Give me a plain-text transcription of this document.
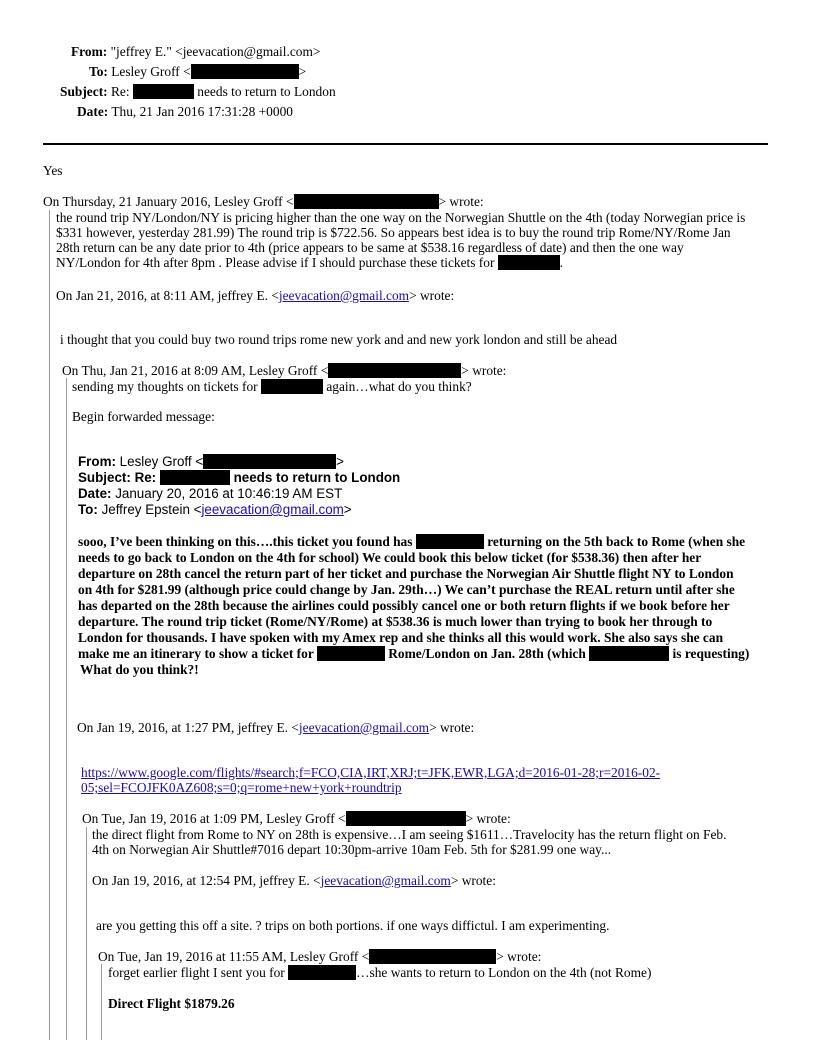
From: "jeffrey E." <jeevacation@gmail.com>
To: Lesley Groff <	>
Subject: Re:	needs to return to London
Date: Thu, 21 Jan 2016 17:31:28 +0000
Yes
On Thursday, 21 January 2016, Lesley Groff <	> wrote:
the round trip NY/London/NY is pricing higher than the one way on the Norwegian Shuttle on the 4th (today Norwegian price is
$331 however, yesterday 281.99) The round trip is $722.56. So appears best idea is to buy the round trip Rome/NY/Rome Jan
28th return can be any date prior to 4th (price appears to be same at $538.16 regardless of date) and then the one way
NY/London for 4th after 8pm . Please advise if I should purchase these tickets for	.
On Jan 21, 2016, at 8:11 AM, jeffrey E. <jeevacation@gmail.com> wrote:
i thought that you could buy two round trips rome new york and and new york london and still be ahead
On Thu, Jan 21, 2016 at 8:09 AM, Lesley Groff <	> wrote:
sending my thoughts on tickets for	again…what do you think?
Begin forwarded message:
From: Lesley Groff <	>
Subject: Re:	needs to return to London
Date: January 20, 2016 at 10:46:19 AM EST
To: Jeffrey Epstein <jeevacation@gmail.com>
sooo, I’ve been thinking on this….this ticket you found has	returning on the 5th back to Rome (when she
needs to go back to London on the 4th for school) We could book this below ticket (for $538.36) then after her
departure on 28th cancel the return part of her ticket and purchase the Norwegian Air Shuttle flight NY to London
on 4th for $281.99 (although price could change by Jan. 29th…) We can’t purchase the REAL return until after she
has departed on the 28th because the airlines could possibly cancel one or both return flights if we book before her
departure. The round trip ticket (Rome/NY/Rome) at $538.36 is much lower than trying to book her through to
London for thousands. I have spoken with my Amex rep and she thinks all this would work. She also says she can
make me an itinerary to show a ticket for	Rome/London on Jan. 28th (which	is requesting)
What do you think?!
On Jan 19, 2016, at 1:27 PM, jeffrey E. <jeevacation@gmail.com> wrote:
https://www.google.com/flights/#search;f=FCO,CIA,IRT,XRJ;t=JFK,EWR,LGA;d=2016-01-28;r=2016-02-
05;sel=FCOJFK0AZ608;s=0;q=rome+new+york+roundtrip
On Tue, Jan 19, 2016 at 1:09 PM, Lesley Groff <	> wrote:
the direct flight from Rome to NY on 28th is expensive…I am seeing $1611…Travelocity has the return flight on Feb.
4th on Norwegian Air Shuttle#7016 depart 10:30pm-arrive 10am Feb. 5th for $281.99 one way...
On Jan 19, 2016, at 12:54 PM, jeffrey E. <jeevacation@gmail.com> wrote:
are you getting this off a site. ? trips on both portions. if one ways diffictul. I am experimenting.
On Tue, Jan 19, 2016 at 11:55 AM, Lesley Groff <	> wrote:
forget earlier flight I sent you for	…she wants to return to London on the 4th (not Rome)
Direct Flight $1879.26
